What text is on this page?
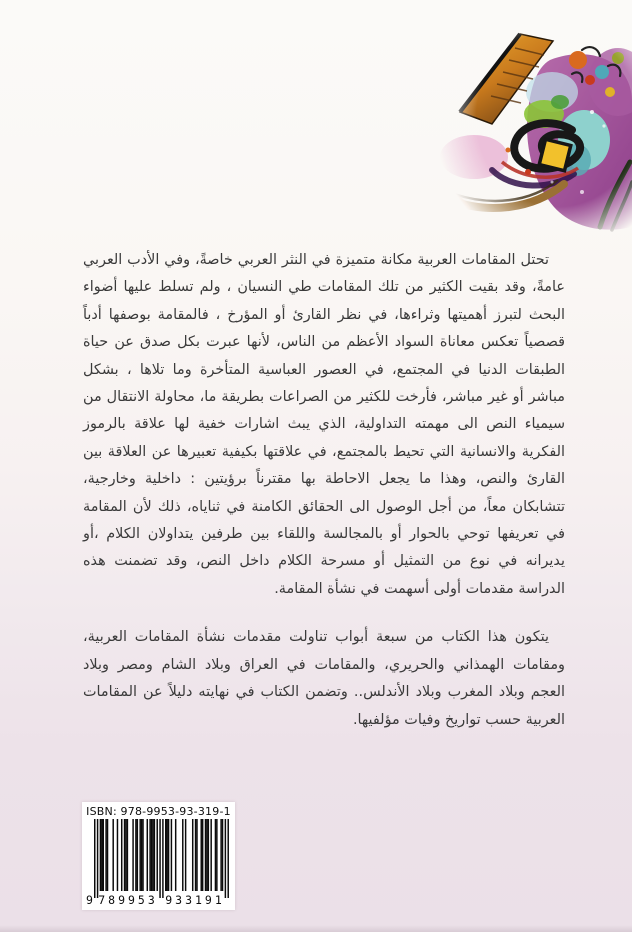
تحتل المقامات العربية مكانة متميزة في النثر العربي خاصةً، وفي الأدب العربي عامةً، وقد بقيت الكثير من تلك المقامات طي النسيان ، ولم تسلط عليها أضواء البحث لتبرز أهميتها وثراءها، في نظر القارئ أو المؤرخ ، فالمقامة بوصفها أدباً قصصياً تعكس معاناة السواد الأعظم من الناس، لأنها عبرت بكل صدق عن حياة الطبقات الدنيا في المجتمع، في العصور العباسية المتأخرة وما تلاها ، بشكل مباشر أو غير مباشر، فأرخت للكثير من الصراعات بطريقة ما، محاولة الانتقال من سيمياء النص الى مهمته التداولية، الذي يبث اشارات خفية لها علاقة بالرموز الفكرية والانسانية التي تحيط بالمجتمع، في علاقتها بكيفية تعبيرها عن العلاقة بين القارئ والنص، وهذا ما يجعل الاحاطة بها مقترناً برؤيتين : داخلية وخارجية، تتشابكان معاً، من أجل الوصول الى الحقائق الكامنة في ثناياه، ذلك لأن المقامة في تعريفها توحي بالحوار أو بالمجالسة واللقاء بين طرفين يتداولان الكلام ،أو يديرانه في نوع من التمثيل أو مسرحة الكلام داخل النص، وقد تضمنت هذه الدراسة مقدمات أولى أسهمت في نشأة المقامة.

يتكون هذا الكتاب من سبعة أبواب تناولت مقدمات نشأة المقامات العربية، ومقامات الهمذاني والحريري، والمقامات في العراق وبلاد الشام ومصر وبلاد العجم وبلاد المغرب وبلاد الأندلس.. وتضمن الكتاب في نهايته دليلاً عن المقامات العربية حسب تواريخ وفيات مؤلفيها.

ISBN: 978-9953-93-319-1
9 789953 933191
